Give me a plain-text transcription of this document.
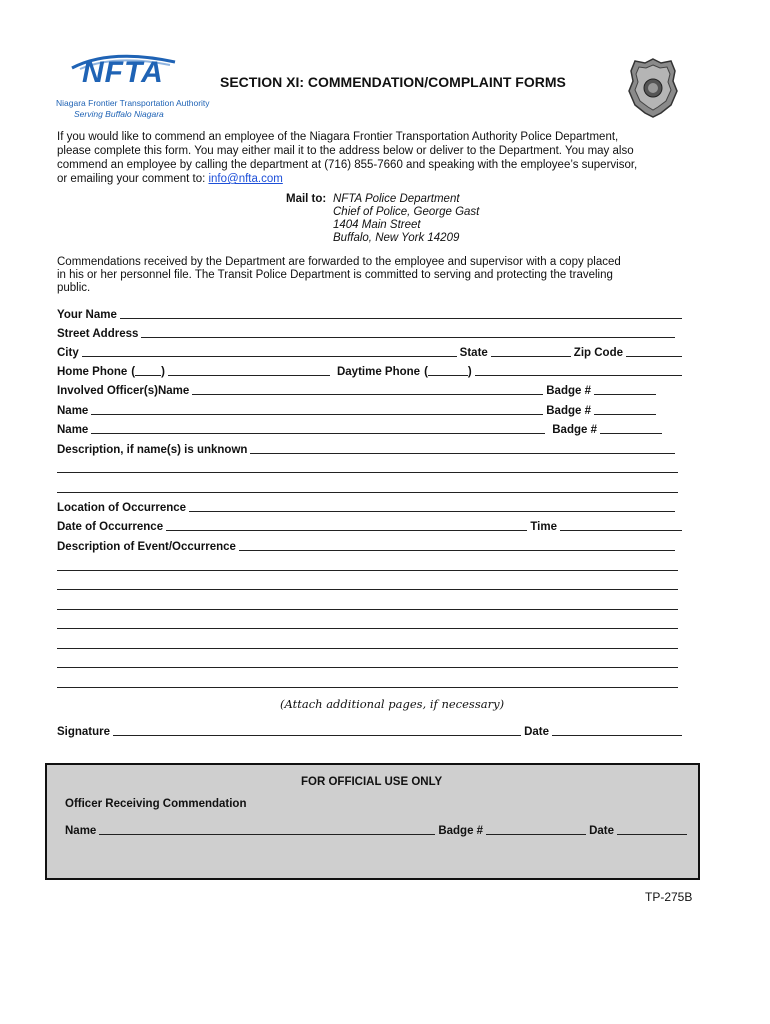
NFTA
Niagara Frontier Transportation Authority
Serving Buffalo Niagara
SECTION XI: COMMENDATION/COMPLAINT FORMS
If you would like to commend an employee of the Niagara Frontier Transportation Authority Police Department,
please complete this form. You may either mail it to the address below or deliver to the Department. You may also
commend an employee by calling the department at (716) 855-7660 and speaking with the employee’s supervisor,
or emailing your comment to: info@nfta.com
Mail to: NFTA Police Department
Chief of Police, George Gast
1404 Main Street
Buffalo, New York 14209
Commendations received by the Department are forwarded to the employee and supervisor with a copy placed
in his or her personnel file. The Transit Police Department is committed to serving and protecting the traveling
public.
Your Name
Street Address
City	State	Zip Code
Home Phone ( )	Daytime Phone (	)
Involved Officer(s)Name	Badge #
Name	Badge #
Name	Badge #
Description, if name(s) is unknown
Location of Occurrence
Date of Occurrence	Time
Description of Event/Occurrence
(Attach additional pages, if necessary)
Signature	Date
FOR OFFICIAL USE ONLY
Officer Receiving Commendation
Name	Badge #	Date
TP-275B
